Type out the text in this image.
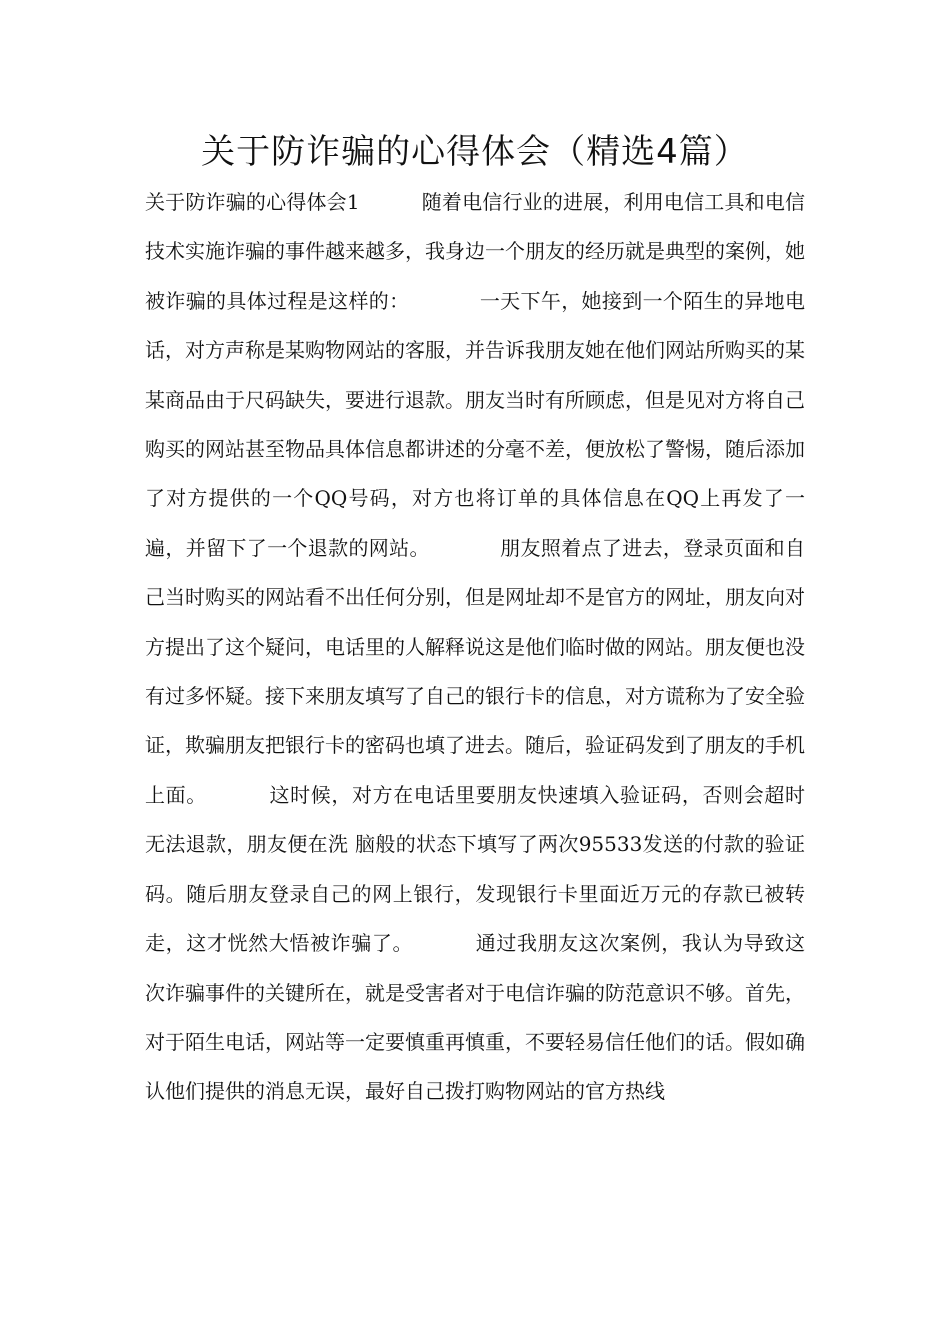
关于防诈骗的心得体会（精选4篇）

关于防诈骗的心得体会1	随着电信行业的进展，利用电信工具和电信技术实施诈骗的事件越来越多，我身边一个朋友的经历就是典型的案例，她被诈骗的具体过程是这样的：	一天下午，她接到一个陌生的异地电话，对方声称是某购物网站的客服，并告诉我朋友她在他们网站所购买的某某商品由于尺码缺失，要进行退款。朋友当时有所顾虑，但是见对方将自己购买的网站甚至物品具体信息都讲述的分毫不差，便放松了警惕，随后添加了对方提供的一个QQ号码，对方也将订单的具体信息在QQ上再发了一遍，并留下了一个退款的网站。	朋友照着点了进去，登录页面和自己当时购买的网站看不出任何分别，但是网址却不是官方的网址，朋友向对方提出了这个疑问，电话里的人解释说这是他们临时做的网站。朋友便也没有过多怀疑。接下来朋友填写了自己的银行卡的信息，对方谎称为了安全验证，欺骗朋友把银行卡的密码也填了进去。随后，验证码发到了朋友的手机上面。	这时候，对方在电话里要朋友快速填入验证码，否则会超时无法退款，朋友便在洗 脑般的状态下填写了两次95533发送的付款的验证码。随后朋友登录自己的网上银行，发现银行卡里面近万元的存款已被转走，这才恍然大悟被诈骗了。	通过我朋友这次案例，我认为导致这次诈骗事件的关键所在，就是受害者对于电信诈骗的防范意识不够。首先，对于陌生电话，网站等一定要慎重再慎重，不要轻易信任他们的话。假如确认他们提供的消息无误，最好自己拨打购物网站的官方热线
